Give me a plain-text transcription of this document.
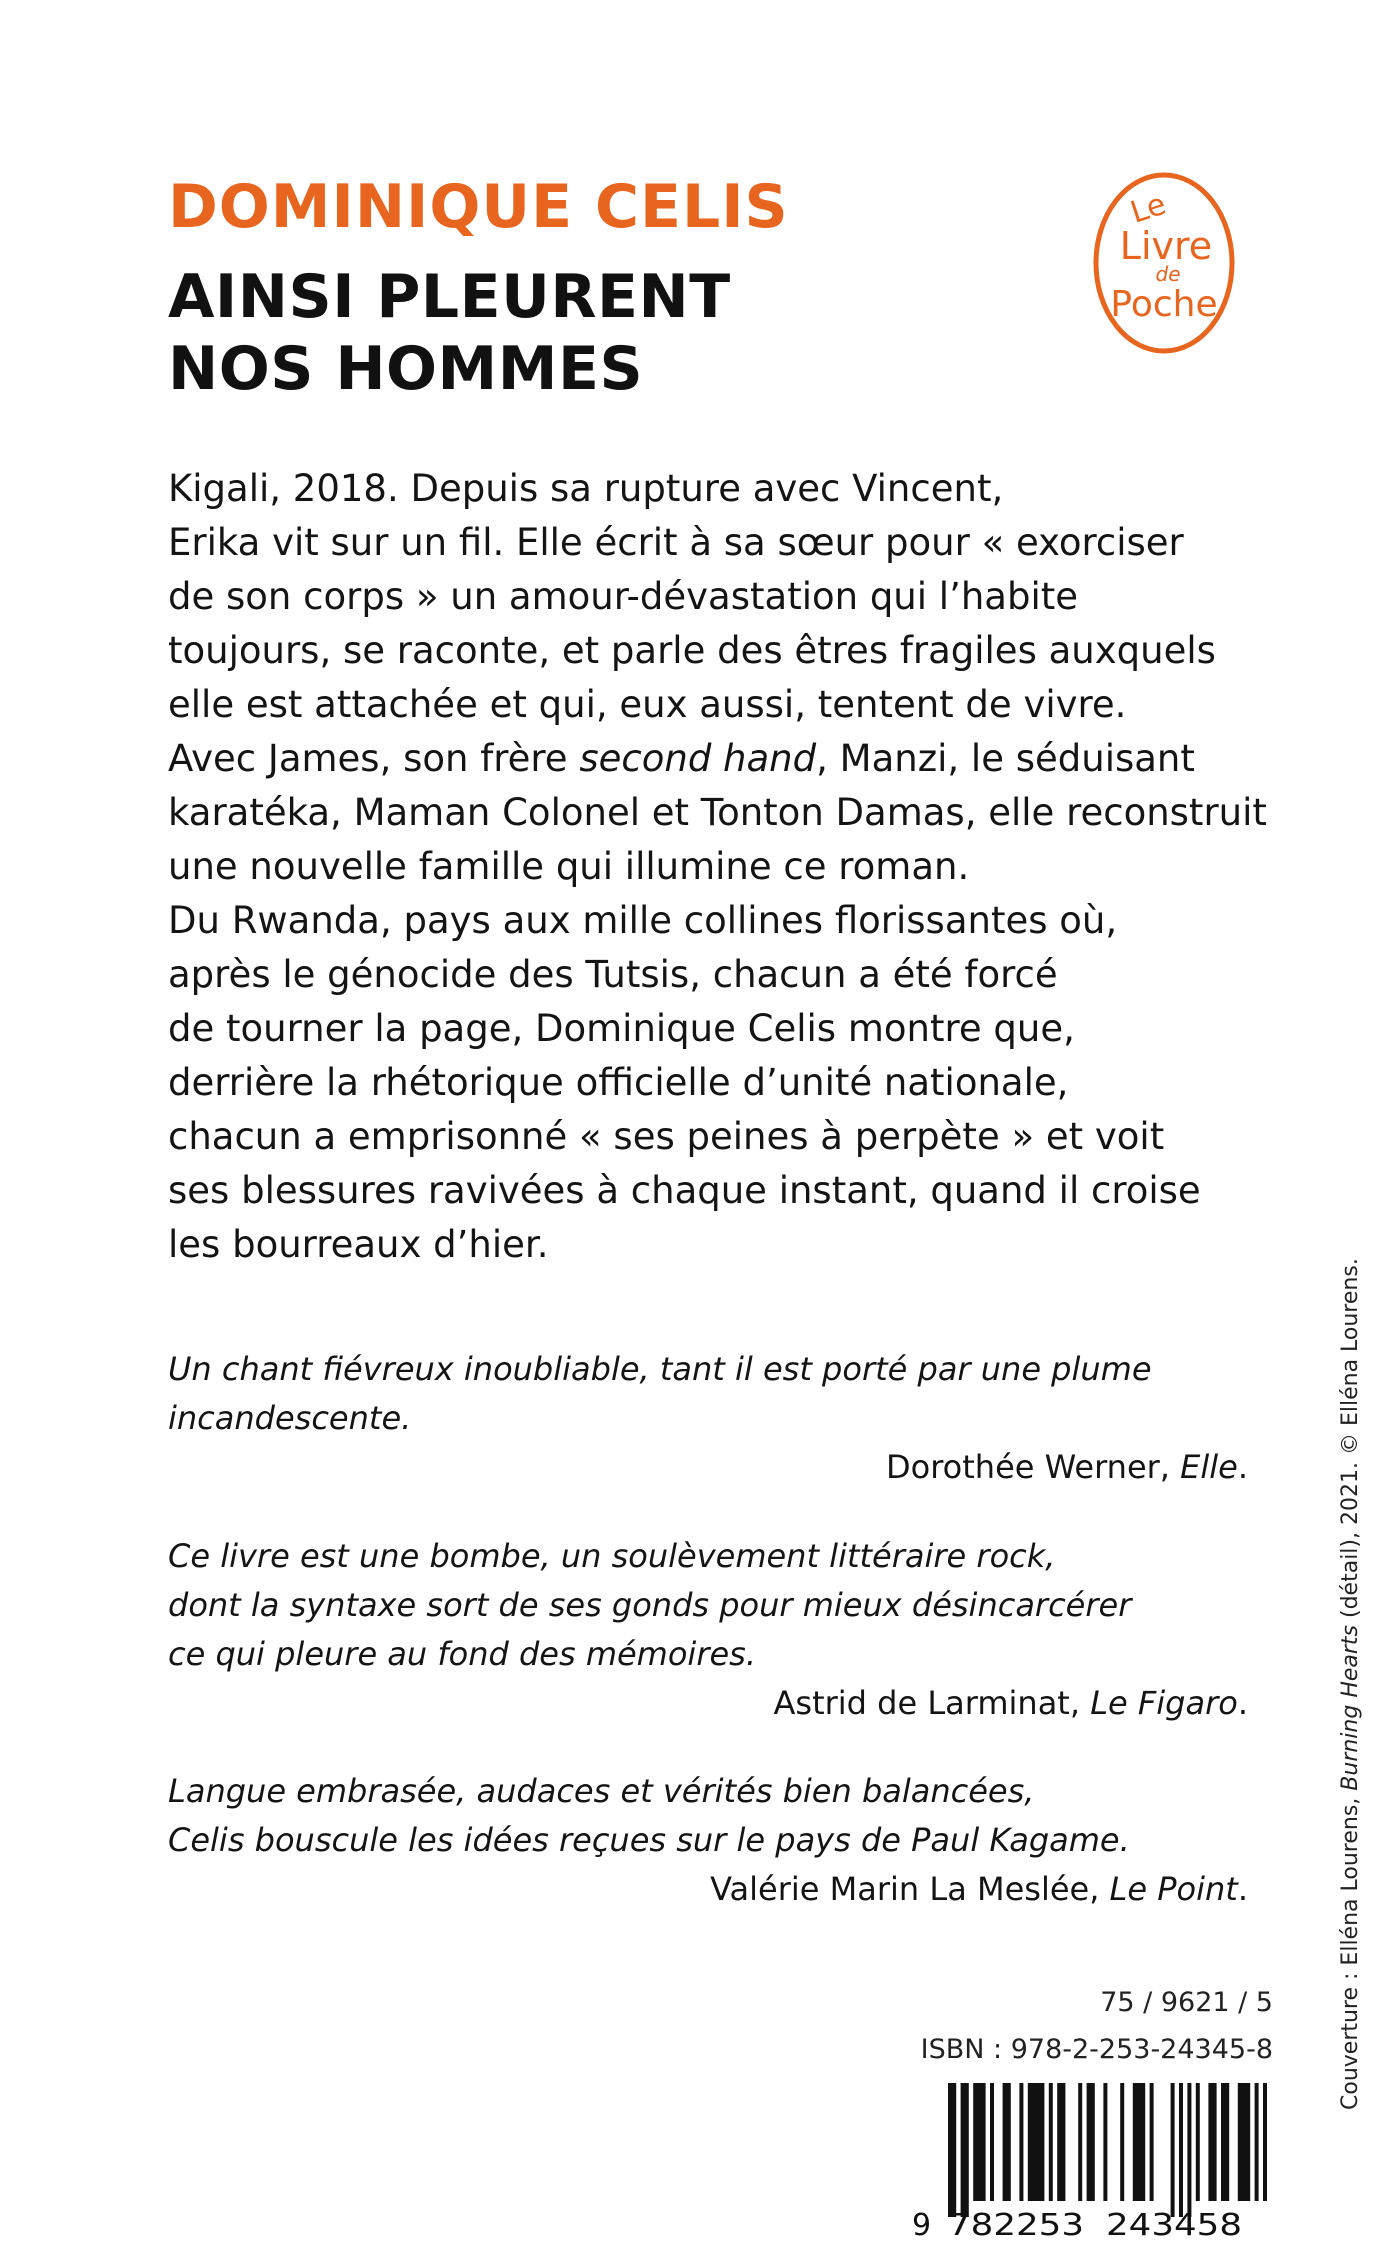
DOMINIQUE CELIS
AINSI PLEURENT
NOS HOMMES
Le
Livre
de
Poche
Kigali, 2018. Depuis sa rupture avec Vincent,
Erika vit sur un fil. Elle écrit à sa sœur pour « exorciser
de son corps » un amour-dévastation qui l’habite
toujours, se raconte, et parle des êtres fragiles auxquels
elle est attachée et qui, eux aussi, tentent de vivre.
Avec James, son frère second hand, Manzi, le séduisant
karatéka, Maman Colonel et Tonton Damas, elle reconstruit
une nouvelle famille qui illumine ce roman.
Du Rwanda, pays aux mille collines florissantes où,
après le génocide des Tutsis, chacun a été forcé
de tourner la page, Dominique Celis montre que,
derrière la rhétorique officielle d’unité nationale,
chacun a emprisonné « ses peines à perpète » et voit
ses blessures ravivées à chaque instant, quand il croise
les bourreaux d’hier.
Un chant fiévreux inoubliable, tant il est porté par une plume
incandescente.
Dorothée Werner, Elle.
Ce livre est une bombe, un soulèvement littéraire rock,
dont la syntaxe sort de ses gonds pour mieux désincarcérer
ce qui pleure au fond des mémoires.
Astrid de Larminat, Le Figaro.
Langue embrasée, audaces et vérités bien balancées,
Celis bouscule les idées reçues sur le pays de Paul Kagame.
Valérie Marin La Meslée, Le Point.
75 / 9621 / 5
ISBN : 978-2-253-24345-8
9 782253 243458
Couverture : Elléna Lourens, Burning Hearts (détail), 2021. © Elléna Lourens.
